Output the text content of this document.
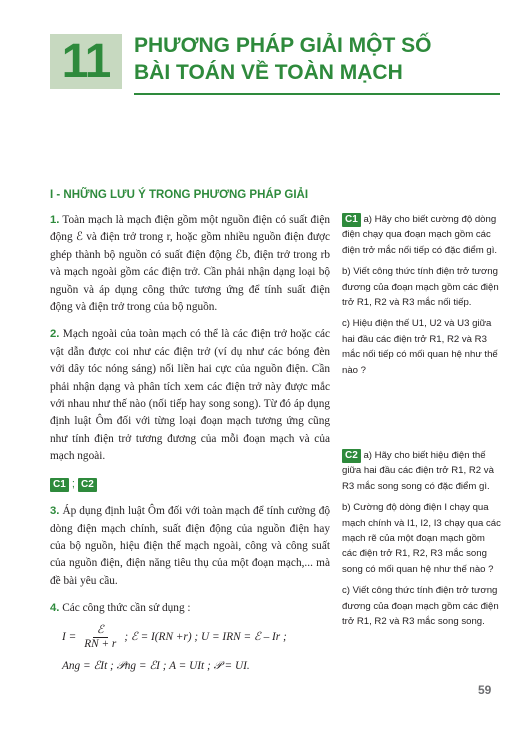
11	PHƯƠNG PHÁP GIẢI MỘT SỐ
BÀI TOÁN VỀ TOÀN MẠCH
I - NHỮNG LƯU Ý TRONG PHƯƠNG PHÁP GIẢI

1. Toàn mạch là mạch điện gồm một nguồn điện có suất điện động ℰ và điện trở trong r, hoặc gồm nhiều nguồn điện được ghép thành bộ nguồn có suất điện động ℰb, điện trở trong rb và mạch ngoài gồm các điện trở. Cần phải nhận dạng loại bộ nguồn và áp dụng công thức tương ứng để tính suất điện động và điện trở trong của bộ nguồn.

2. Mạch ngoài của toàn mạch có thể là các điện trở hoặc các vật dẫn được coi như các điện trở (ví dụ như các bóng đèn với dây tóc nóng sáng) nối liền hai cực của nguồn điện. Cần phải nhận dạng và phân tích xem các điện trở này được mắc với nhau như thế nào (nối tiếp hay song song). Từ đó áp dụng định luật Ôm đối với từng loại đoạn mạch tương ứng cũng như tính điện trở tương đương của mỗi đoạn mạch và của mạch ngoài.

C1 ; C2

3. Áp dụng định luật Ôm đối với toàn mạch để tính cường độ dòng điện mạch chính, suất điện động của nguồn điện hay của bộ nguồn, hiệu điện thế mạch ngoài, công và công suất của nguồn điện, điện năng tiêu thụ của một đoạn mạch,... mà đề bài yêu cầu.

4. Các công thức cần sử dụng :

$I = \frac{\text{ℰ}}{RN + r}$ ; ℰ = I(RN +r) ; U = IRN = ℰ – Ir ;
Ang = ℰIt ; 𝒫ng = ℰI ; A = UIt ; 𝒫 = UI.

C1 a) Hãy cho biết cường độ dòng điện chạy qua đoạn mạch gồm các điện trở mắc nối tiếp có đặc điểm gì.

b) Viết công thức tính điện trở tương đương của đoạn mạch gồm các điện trở R1, R2 và R3 mắc nối tiếp.

c) Hiệu điện thế U1, U2 và U3 giữa hai đầu các điện trở R1, R2 và R3 mắc nối tiếp có mối quan hệ như thế nào ?

C2 a) Hãy cho biết hiệu điện thế giữa hai đầu các điện trở R1, R2 và R3 mắc song song có đặc điểm gì.

b) Cường độ dòng điện I chạy qua mạch chính và I1, I2, I3 chạy qua các mạch rẽ của một đoạn mạch gồm các điện trở R1, R2, R3 mắc song song có mối quan hệ như thế nào ?

c) Viết công thức tính điện trở tương đương của đoạn mạch gồm các điện trở R1, R2 và R3 mắc song song.

59
